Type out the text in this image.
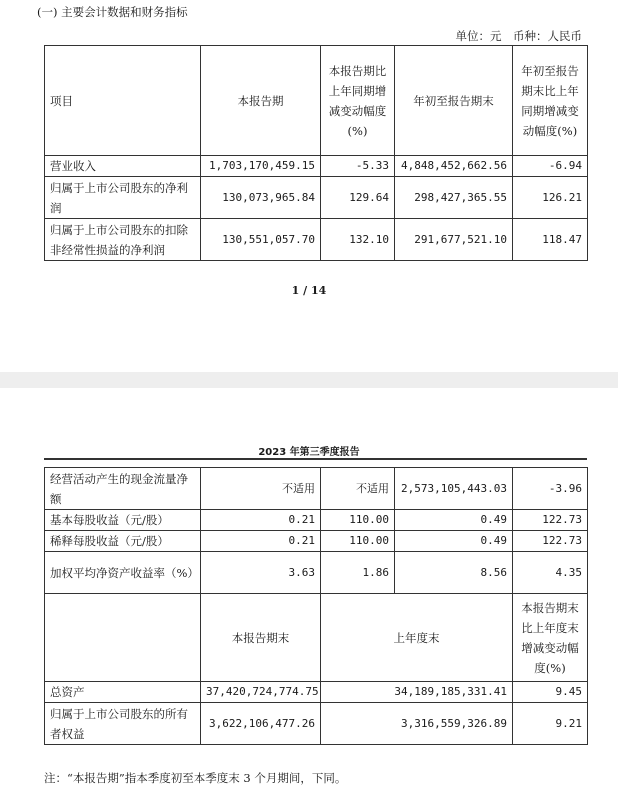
(一) 主要会计数据和财务指标
单位：元　币种：人民币
项目	本报告期	本报告期比上年同期增减变动幅度(%)	年初至报告期末	年初至报告期末比上年同期增减变动幅度(%)
营业收入	1,703,170,459.15	-5.33	4,848,452,662.56	-6.94
归属于上市公司股东的净利润	130,073,965.84	129.64	298,427,365.55	126.21
归属于上市公司股东的扣除非经常性损益的净利润	130,551,057.70	132.10	291,677,521.10	118.47
1 / 14
2023 年第三季度报告
经营活动产生的现金流量净额	不适用	不适用	2,573,105,443.03	-3.96
基本每股收益（元/股）	0.21	110.00	0.49	122.73
稀释每股收益（元/股）	0.21	110.00	0.49	122.73
加权平均净资产收益率（%）	3.63	1.86	8.56	4.35
	本报告期末	上年度末		本报告期末比上年度末增减变动幅度(%)
总资产	37,420,724,774.75	34,189,185,331.41		9.45
归属于上市公司股东的所有者权益	3,622,106,477.26	3,316,559,326.89		9.21
注：“本报告期”指本季度初至本季度末 3 个月期间，下同。
